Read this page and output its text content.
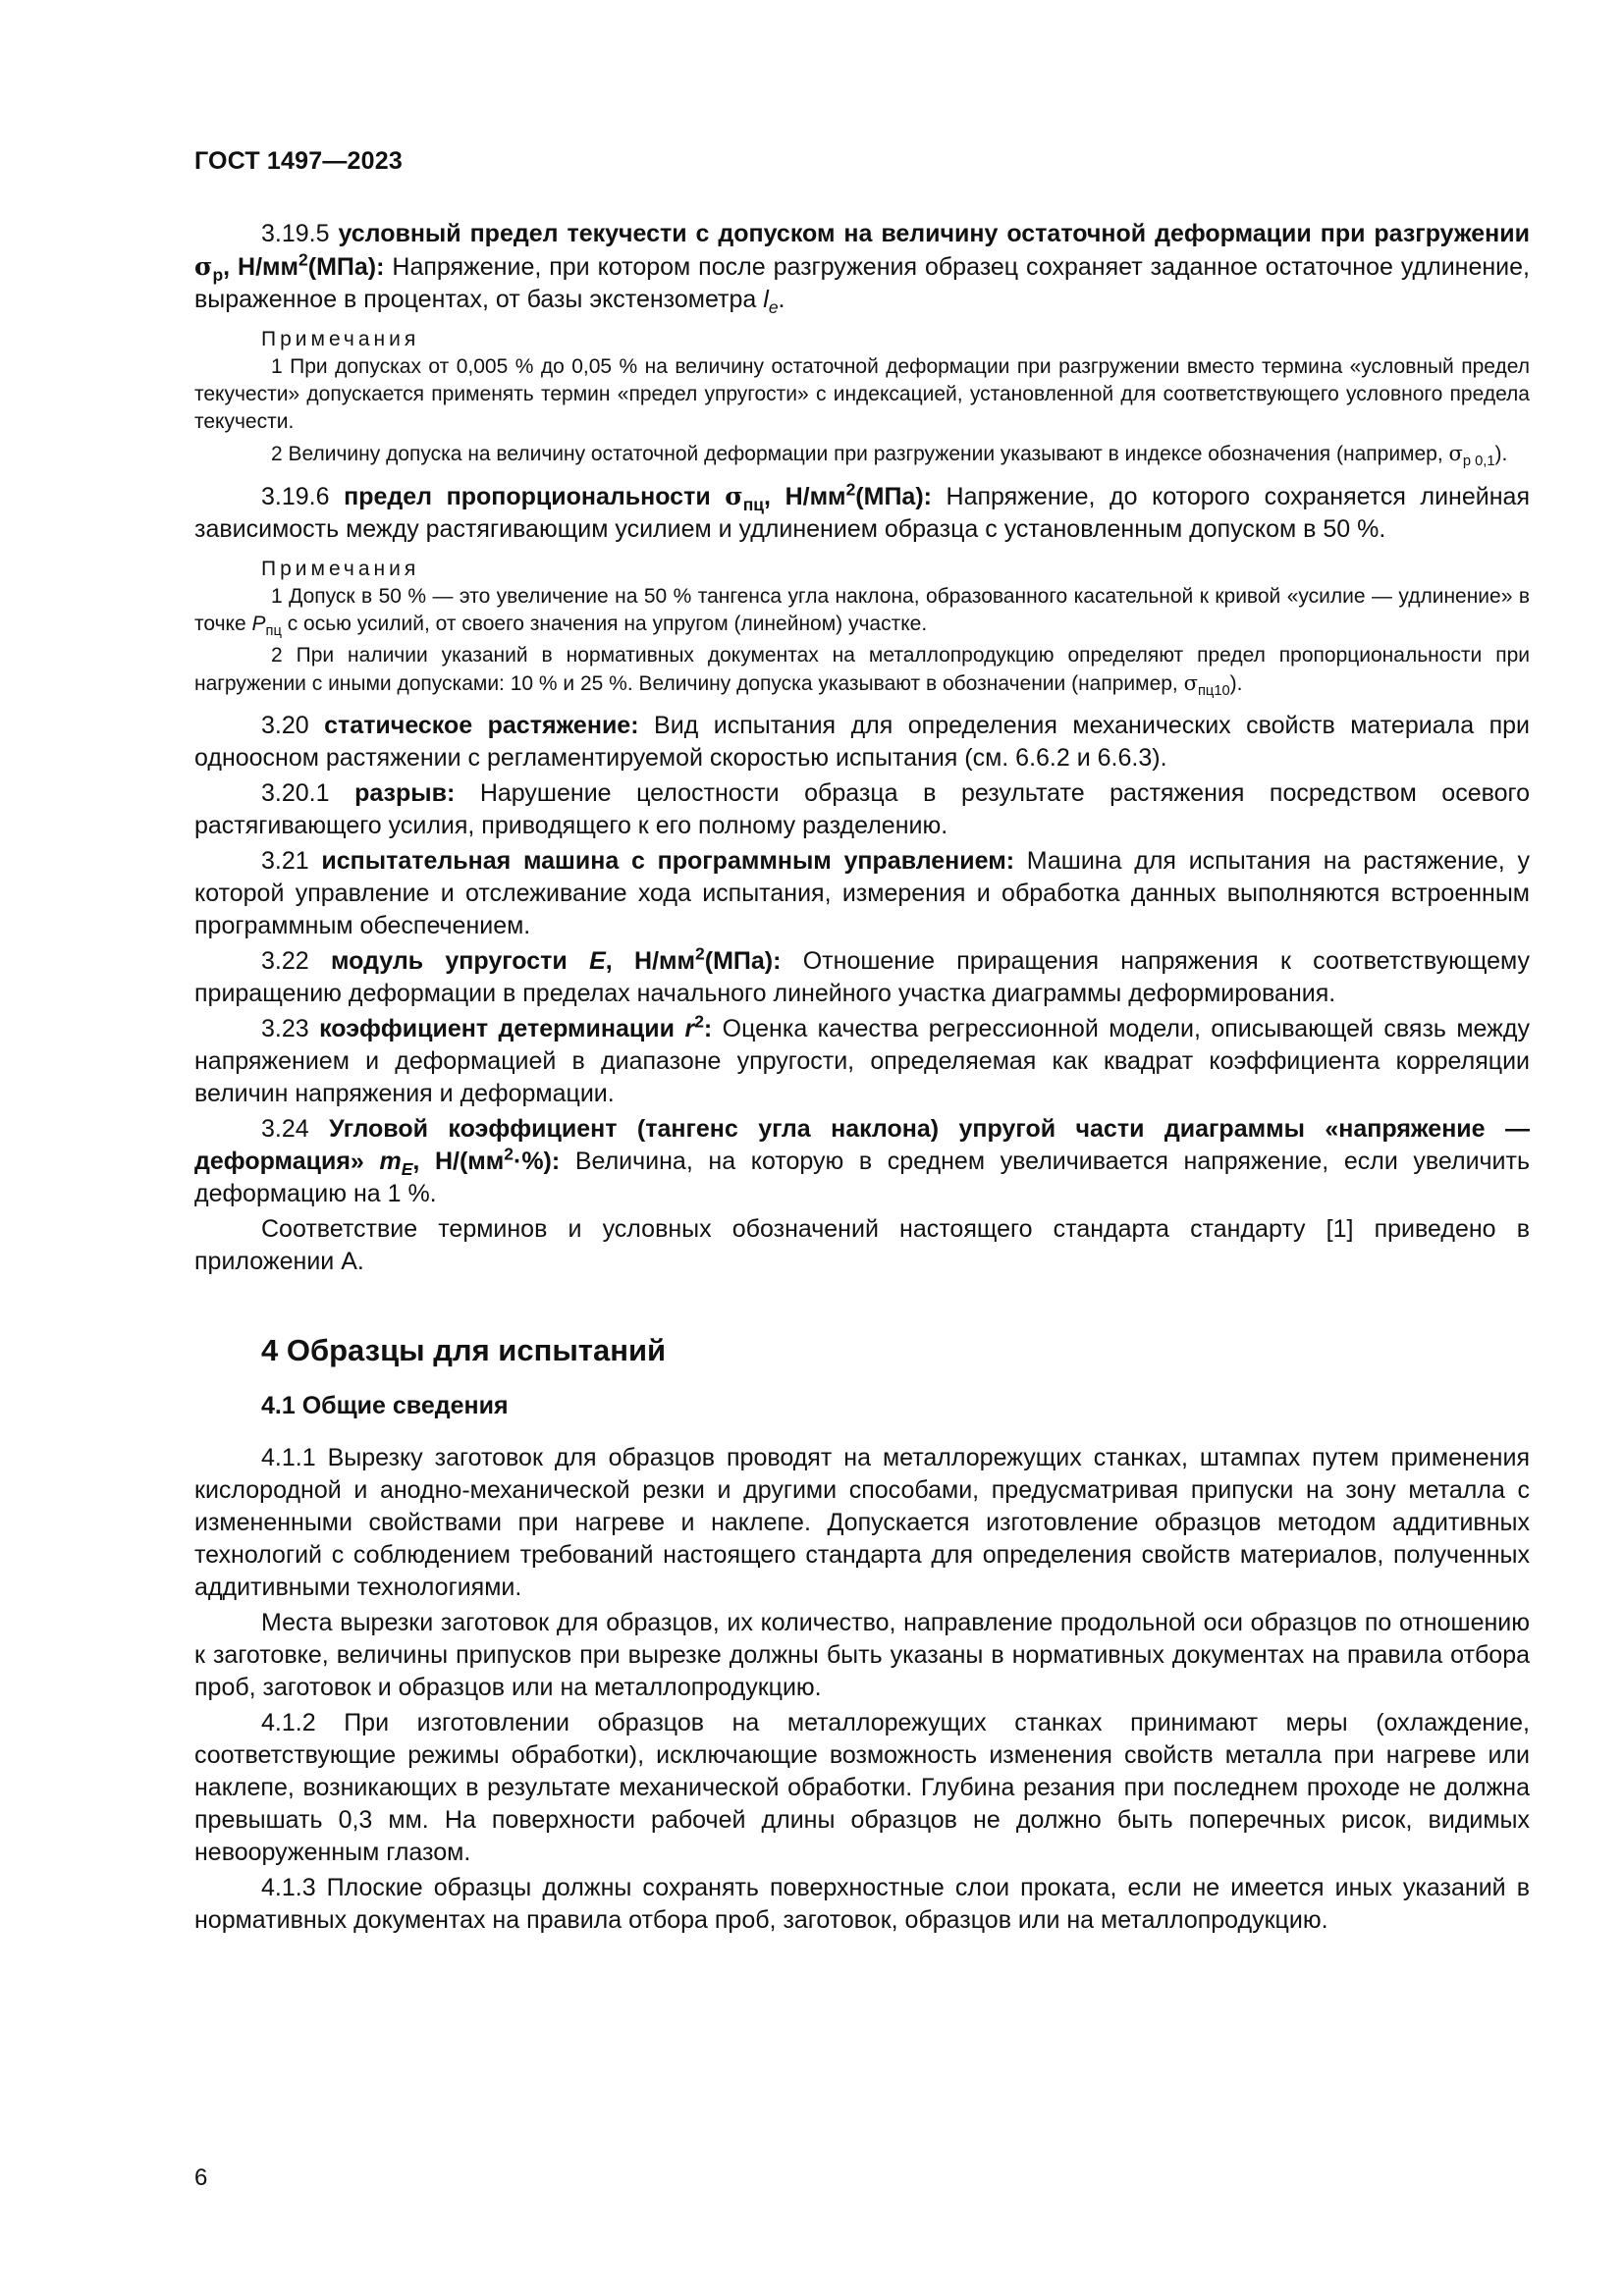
ГОСТ 1497—2023

3.19.5 условный предел текучести с допуском на величину остаточной деформации при разгружении $\sigma_р$, $Н/мм^2(МПа)$: Напряжение, при котором после разгружения образец сохраняет заданное остаточное удлинение, выраженное в процентах, от базы экстензометра $l_e$.

Примечания

1 При допусках от 0,005 % до 0,05 % на величину остаточной деформации при разгружении вместо термина «условный предел текучести» допускается применять термин «предел упругости» с индексацией, установленной для соответствующего условного предела текучести.

2 Величину допуска на величину остаточной деформации при разгружении указывают в индексе обозначения (например, $\sigma_{р 0,1}$).

3.19.6 предел пропорциональности $\sigma_{пц}$, $Н/мм^2(МПа)$: Напряжение, до которого сохраняется линейная зависимость между растягивающим усилием и удлинением образца с установленным допуском в 50 %.

Примечания

1 Допуск в 50 % — это увеличение на 50 % тангенса угла наклона, образованного касательной к кривой «усилие — удлинение» в точке $P_{пц}$ с осью усилий, от своего значения на упругом (линейном) участке.

2 При наличии указаний в нормативных документах на металлопродукцию определяют предел пропорциональности при нагружении с иными допусками: 10 % и 25 %. Величину допуска указывают в обозначении (например, $\sigma_{пц10}$).

3.20 статическое растяжение: Вид испытания для определения механических свойств материала при одноосном растяжении с регламентируемой скоростью испытания (см. 6.6.2 и 6.6.3).

3.20.1 разрыв: Нарушение целостности образца в результате растяжения посредством осевого растягивающего усилия, приводящего к его полному разделению.

3.21 испытательная машина с программным управлением: Машина для испытания на растяжение, у которой управление и отслеживание хода испытания, измерения и обработка данных выполняются встроенным программным обеспечением.

3.22 модуль упругости E, $Н/мм^2(МПа)$: Отношение приращения напряжения к соответствующему приращению деформации в пределах начального линейного участка диаграммы деформирования.

3.23 коэффициент детерминации $r^2$: Оценка качества регрессионной модели, описывающей связь между напряжением и деформацией в диапазоне упругости, определяемая как квадрат коэффициента корреляции величин напряжения и деформации.

3.24 Угловой коэффициент (тангенс угла наклона) упругой части диаграммы «напряжение — деформация» $m_E$, $Н/(мм^2\cdot\%)$: Величина, на которую в среднем увеличивается напряжение, если увеличить деформацию на 1 %.

Соответствие терминов и условных обозначений настоящего стандарта стандарту [1] приведено в приложении А.

4 Образцы для испытаний
4.1 Общие сведения

4.1.1 Вырезку заготовок для образцов проводят на металлорежущих станках, штампах путем применения кислородной и анодно-механической резки и другими способами, предусматривая припуски на зону металла с измененными свойствами при нагреве и наклепе. Допускается изготовление образцов методом аддитивных технологий с соблюдением требований настоящего стандарта для определения свойств материалов, полученных аддитивными технологиями.

Места вырезки заготовок для образцов, их количество, направление продольной оси образцов по отношению к заготовке, величины припусков при вырезке должны быть указаны в нормативных документах на правила отбора проб, заготовок и образцов или на металлопродукцию.

4.1.2 При изготовлении образцов на металлорежущих станках принимают меры (охлаждение, соответствующие режимы обработки), исключающие возможность изменения свойств металла при нагреве или наклепе, возникающих в результате механической обработки. Глубина резания при последнем проходе не должна превышать 0,3 мм. На поверхности рабочей длины образцов не должно быть поперечных рисок, видимых невооруженным глазом.

4.1.3 Плоские образцы должны сохранять поверхностные слои проката, если не имеется иных указаний в нормативных документах на правила отбора проб, заготовок, образцов или на металлопродукцию.

6
